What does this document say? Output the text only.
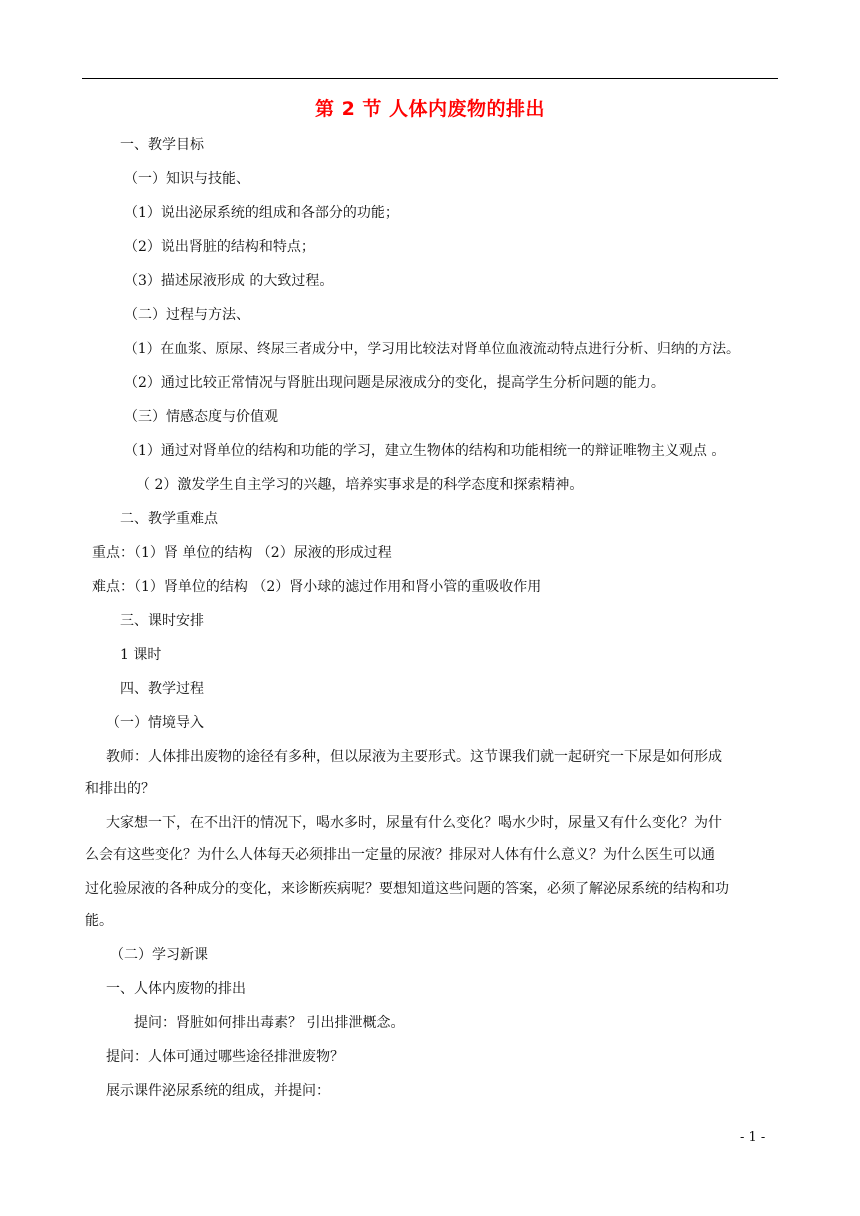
第 2 节 人体内废物的排出
一、教学目标
（一）知识与技能、
（1）说出泌尿系统的组成和各部分的功能；
（2）说出肾脏的结构和特点；
（3）描述尿液形成 的大致过程。
（二）过程与方法、
（1）在血浆、原尿、终尿三者成分中，学习用比较法对肾单位血液流动特点进行分析、归纳的方法。
（2）通过比较正常情况与肾脏出现问题是尿液成分的变化，提高学生分析问题的能力。
（三）情感态度与价值观
（1）通过对肾单位的结构和功能的学习，建立生物体的结构和功能相统一的辩证唯物主义观点 。
（ 2）激发学生自主学习的兴趣，培养实事求是的科学态度和探索精神。
二、教学重难点
重点：（1）肾 单位的结构 （2）尿液的形成过程
难点：（1）肾单位的结构 （2）肾小球的滤过作用和肾小管的重吸收作用
三、课时安排
1 课时
四、教学过程
（一）情境导入
教师：人体排出废物的途径有多种，但以尿液为主要形式。这节课我们就一起研究一下尿是如何形成
和排出的？
大家想一下，在不出汗的情况下，喝水多时，尿量有什么变化？喝水少时，尿量又有什么变化？为什
么会有这些变化？为什么人体每天必须排出一定量的尿液？排尿对人体有什么意义？为什么医生可以通
过化验尿液的各种成分的变化，来诊断疾病呢？要想知道这些问题的答案，必须了解泌尿系统的结构和功
能。
（二）学习新课
一、人体内废物的排出
提问：肾脏如何排出毒素？ 引出排泄概念。
提问：人体可通过哪些途径排泄废物？
展示课件泌尿系统的组成，并提问：
- 1 -
